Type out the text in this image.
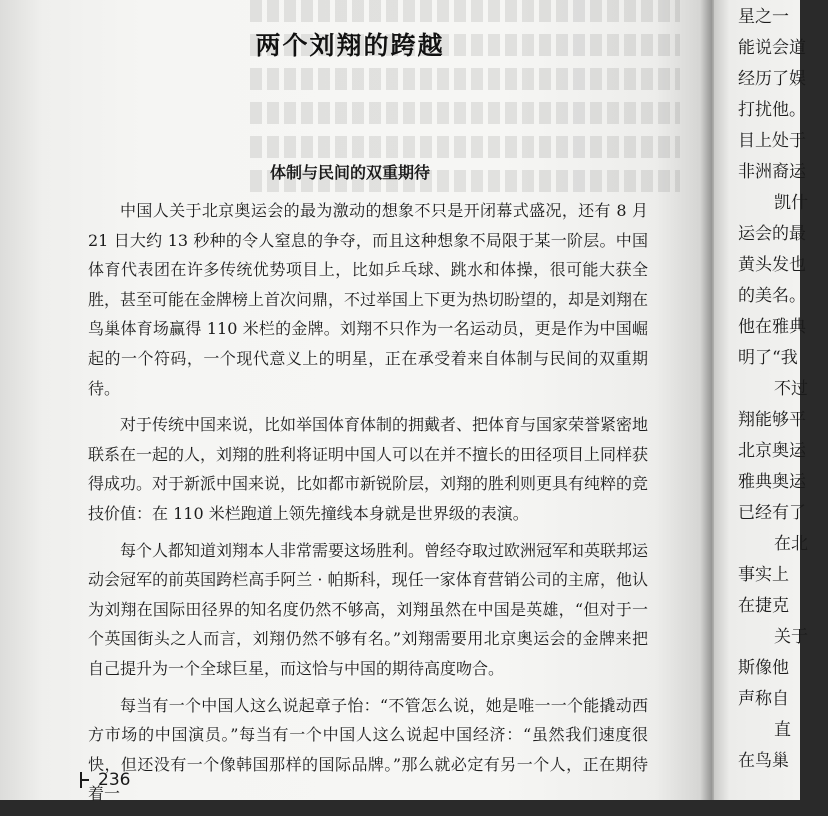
两个刘翔的跨越
体制与民间的双重期待

中国人关于北京奥运会的最为激动的想象不只是开闭幕式盛况，还有 8 月 21 日大约 13 秒种的令人窒息的争夺，而且这种想象不局限于某一阶层。中国体育代表团在许多传统优势项目上，比如乒乓球、跳水和体操，很可能大获全胜，甚至可能在金牌榜上首次问鼎，不过举国上下更为热切盼望的，却是刘翔在鸟巢体育场赢得 110 米栏的金牌。刘翔不只作为一名运动员，更是作为中国崛起的一个符码，一个现代意义上的明星，正在承受着来自体制与民间的双重期待。

对于传统中国来说，比如举国体育体制的拥戴者、把体育与国家荣誉紧密地联系在一起的人，刘翔的胜利将证明中国人可以在并不擅长的田径项目上同样获得成功。对于新派中国来说，比如都市新锐阶层，刘翔的胜利则更具有纯粹的竞技价值：在 110 米栏跑道上领先撞线本身就是世界级的表演。

每个人都知道刘翔本人非常需要这场胜利。曾经夺取过欧洲冠军和英联邦运动会冠军的前英国跨栏高手阿兰 · 帕斯科，现任一家体育营销公司的主席，他认为刘翔在国际田径界的知名度仍然不够高，刘翔虽然在中国是英雄，“但对于一个英国街头之人而言，刘翔仍然不够有名。”刘翔需要用北京奥运会的金牌来把自己提升为一个全球巨星，而这恰与中国的期待高度吻合。

每当有一个中国人这么说起章子怡：“不管怎么说，她是唯一一个能撬动西方市场的中国演员。”每当有一个中国人这么说起中国经济：“虽然我们速度很快，但还没有一个像韩国那样的国际品牌。”那么就必定有另一个人，正在期待着一

236
星之一
能说会道
经历了娱
打扰他。
目上处于
非洲裔运
凯什
运会的最
黄头发也
的美名。
他在雅典
明了“我
不过
翔能够平
北京奥运
雅典奥运
已经有了
在北
事实上
在捷克
关于
斯像他
声称自
直
在鸟巢
